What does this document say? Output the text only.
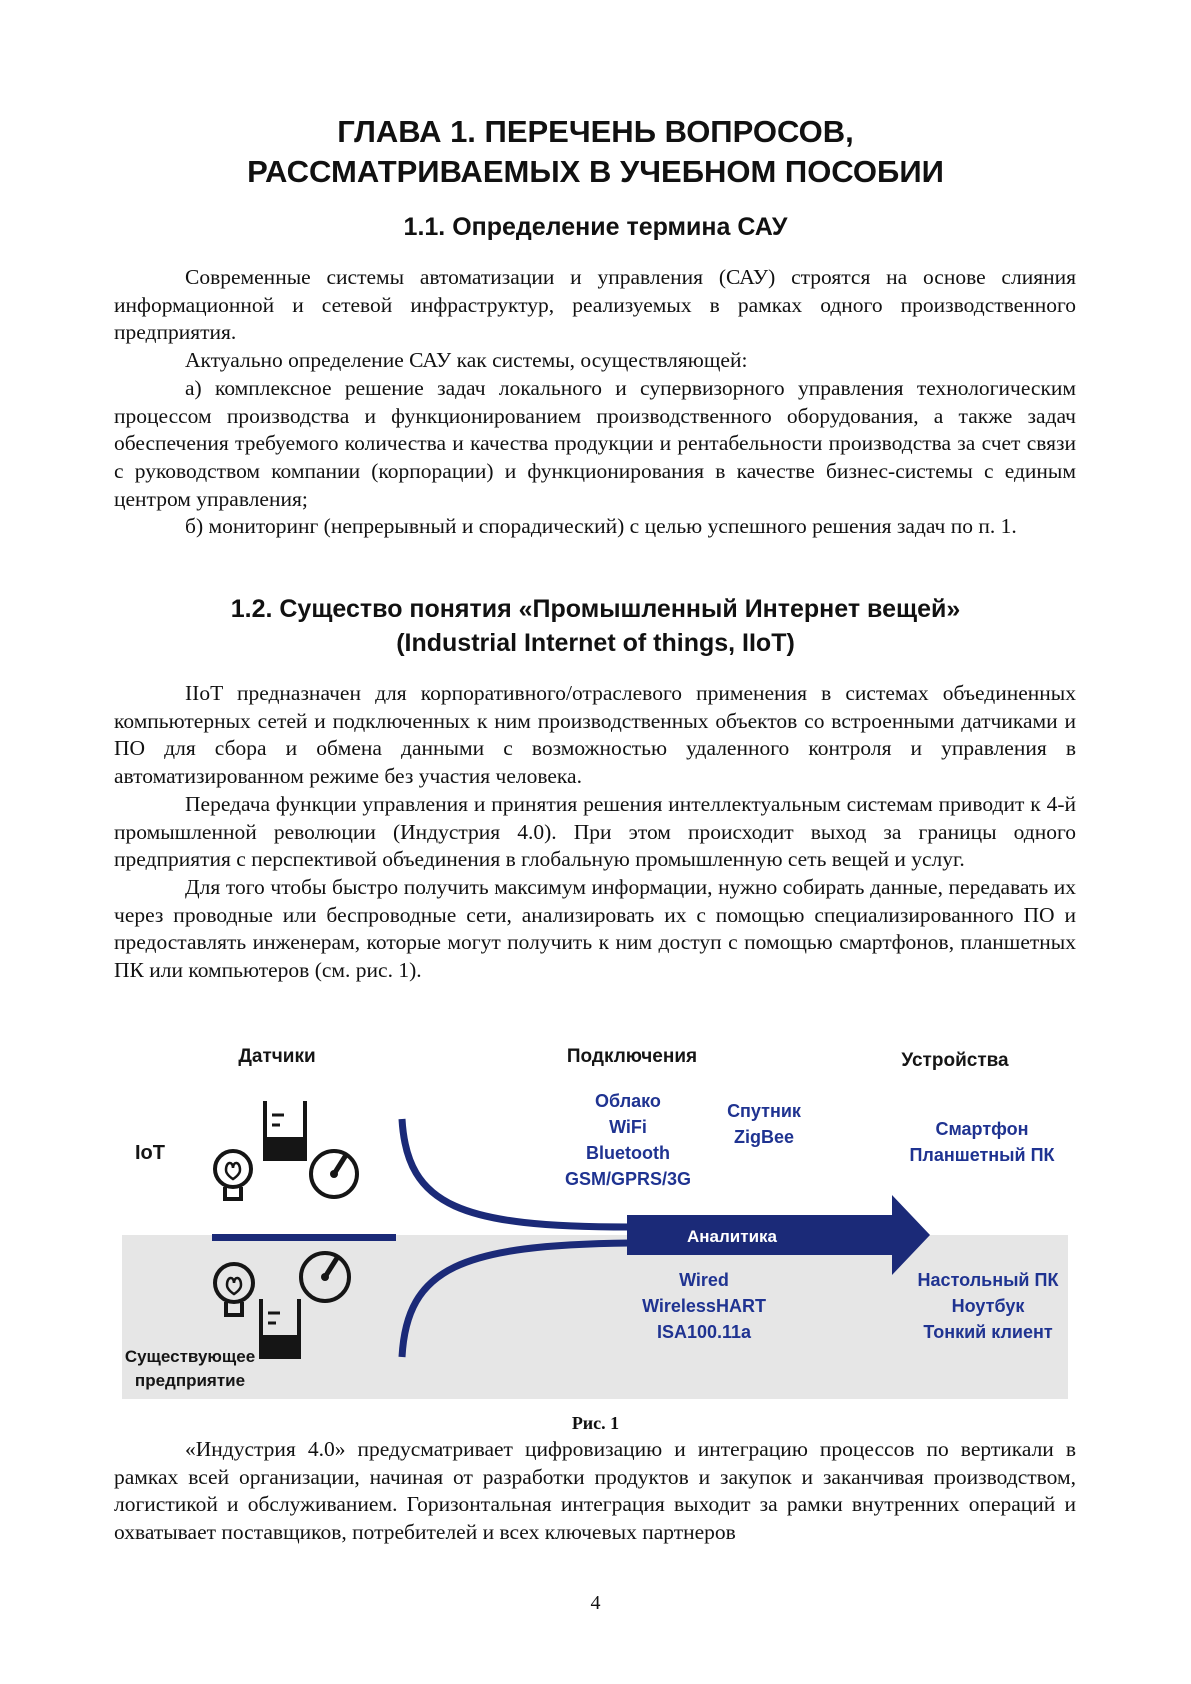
ГЛАВА 1. ПЕРЕЧЕНЬ ВОПРОСОВ,
РАССМАТРИВАЕМЫХ В УЧЕБНОМ ПОСОБИИ
1.1. Определение термина САУ

Современные системы автоматизации и управления (САУ) строятся на основе слияния информационной и сетевой инфраструктур, реализуемых в рамках одного производственного предприятия.

Актуально определение САУ как системы, осуществляющей:

а) комплексное решение задач локального и супервизорного управления технологическим процессом производства и функционированием производственного оборудования, а также задач обеспечения требуемого количества и качества продукции и рентабельности производства за счет связи с руководством компании (корпорации) и функционирования в качестве бизнес-системы с единым центром управления;

б) мониторинг (непрерывный и спорадический) с целью успешного решения задач по п. 1.

1.2. Существо понятия «Промышленный Интернет вещей»
(Industrial Internet of things, IIoT)

IIoT предназначен для корпоративного/отраслевого применения в системах объединенных компьютерных сетей и подключенных к ним производственных объектов со встроенными датчиками и ПО для сбора и обмена данными с возможностью удаленного контроля и управления в автоматизированном режиме без участия человека.

Передача функции управления и принятия решения интеллектуальным системам приводит к 4-й промышленной революции (Индустрия 4.0). При этом происходит выход за границы одного предприятия с перспективой объединения в глобальную промышленную сеть вещей и услуг.

Для того чтобы быстро получить максимум информации, нужно собирать данные, передавать их через проводные или беспроводные сети, анализировать их с помощью специализированного ПО и предоставлять инженерам, которые могут получить к ним доступ с помощью смартфонов, планшетных ПК или компьютеров (см. рис. 1).

Датчики	Подключения	Устройства
IoT
Существующее
предприятие
Облако
WiFi
Bluetooth
GSM/GPRS/3G
Спутник
ZigBee	Смартфон
Планшетный ПК
Аналитика
Wired
WirelessHART
ISA100.11a
Настольный ПК
Ноутбук
Тонкий клиент
Рис. 1

«Индустрия 4.0» предусматривает цифровизацию и интеграцию процессов по вертикали в рамках всей организации, начиная от разработки продуктов и закупок и заканчивая производством, логистикой и обслуживанием. Горизонтальная интеграция выходит за рамки внутренних операций и охватывает поставщиков, потребителей и всех ключевых партнеров

4
